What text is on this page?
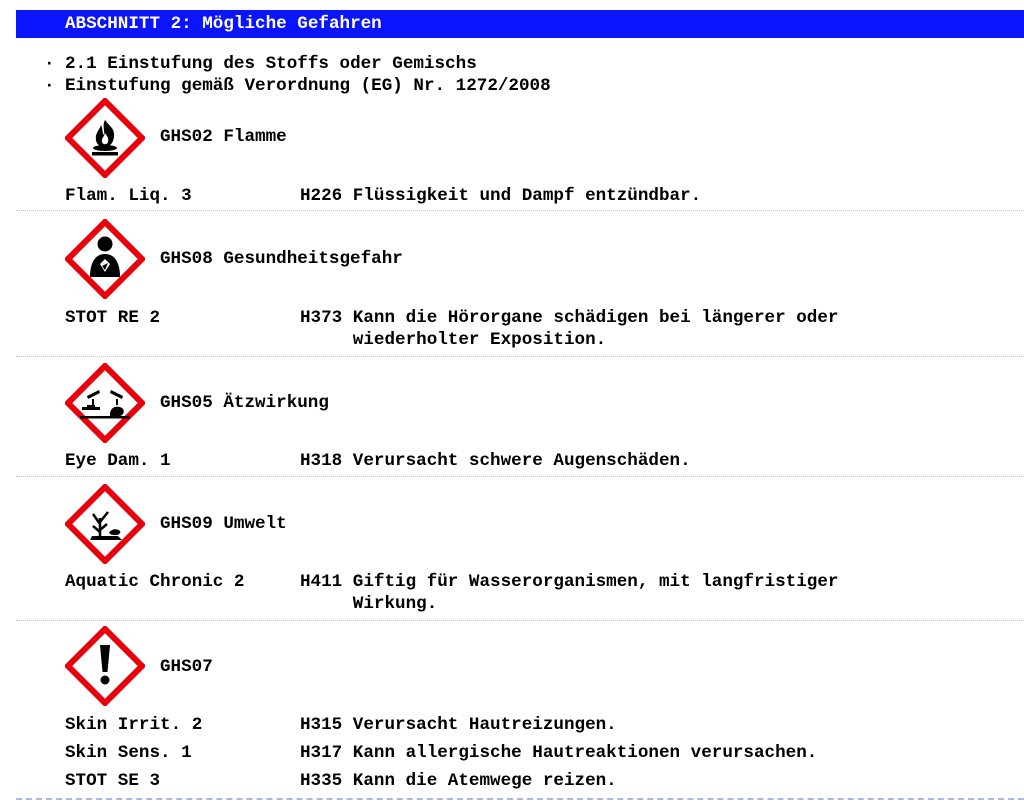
ABSCHNITT 2: Mögliche Gefahren
· 2.1 Einstufung des Stoffs oder Gemischs
· Einstufung gemäß Verordnung (EG) Nr. 1272/2008
GHS02 Flamme
Flam. Liq. 3	H226 Flüssigkeit und Dampf entzündbar.
GHS08 Gesundheitsgefahr
STOT RE 2	H373 Kann die Hörorgane schädigen bei längerer oder
wiederholter Exposition.
GHS05 Ätzwirkung
Eye Dam. 1	H318 Verursacht schwere Augenschäden.
GHS09 Umwelt
Aquatic Chronic 2	H411 Giftig für Wasserorganismen, mit langfristiger
Wirkung.
GHS07
Skin Irrit. 2	H315 Verursacht Hautreizungen.
Skin Sens. 1	H317 Kann allergische Hautreaktionen verursachen.
STOT SE 3	H335 Kann die Atemwege reizen.
